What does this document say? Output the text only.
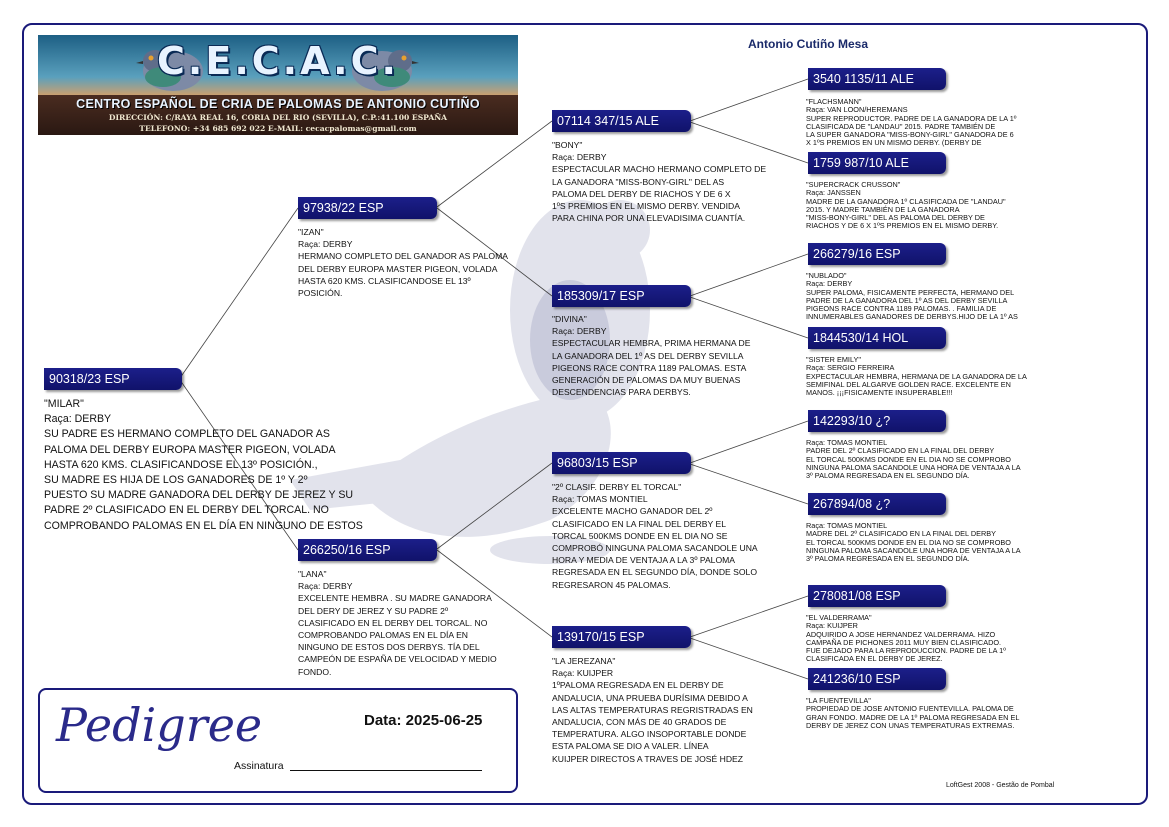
C.E.C.A.C.
CENTRO ESPAÑOL DE CRIA DE PALOMAS DE ANTONIO CUTIÑO
DIRECCIÓN: C/RAYA REAL 16, CORIA DEL RIO (SEVILLA), C.P.:41.100 ESPAÑA
TELEFONO: +34 685 692 022 E-MAIL: cecacpalomas@gmail.com
Antonio Cutiño Mesa
90318/23 ESP
"MILAR"
Raça: DERBY
SU PADRE ES HERMANO COMPLETO DEL GANADOR AS
PALOMA DEL DERBY EUROPA MASTER PIGEON, VOLADA
HASTA 620 KMS. CLASIFICANDOSE EL 13º POSICIÓN.,
SU MADRE ES HIJA DE LOS GANADORES DE 1º Y 2º
PUESTO SU MADRE GANADORA DEL DERBY DE JEREZ Y SU
PADRE 2º CLASIFICADO EN EL DERBY DEL TORCAL. NO
COMPROBANDO PALOMAS EN EL DÍA EN NINGUNO DE ESTOS
97938/22 ESP
"IZAN"
Raça: DERBY
HERMANO COMPLETO DEL GANADOR AS PALOMA
DEL DERBY EUROPA MASTER PIGEON, VOLADA
HASTA 620 KMS. CLASIFICANDOSE EL 13º
POSICIÓN.
266250/16 ESP
"LANA"
Raça: DERBY
EXCELENTE HEMBRA . SU MADRE GANADORA
DEL DERY DE JEREZ Y SU PADRE 2º
CLASIFICADO EN EL DERBY DEL TORCAL. NO
COMPROBANDO PALOMAS EN EL DÍA EN
NINGUNO DE ESTOS DOS DERBYS. TÍA DEL
CAMPEÓN DE ESPAÑA DE VELOCIDAD Y MEDIO
FONDO.
07114 347/15 ALE
"BONY"
Raça: DERBY
ESPECTACULAR MACHO HERMANO COMPLETO DE
LA GANADORA "MISS-BONY-GIRL" DEL AS
PALOMA DEL DERBY DE RIACHOS Y DE 6 X
1ºS PREMIOS EN EL MISMO DERBY. VENDIDA
PARA CHINA POR UNA ELEVADISIMA CUANTÍA.
185309/17 ESP
"DIVINA"
Raça: DERBY
ESPECTACULAR HEMBRA, PRIMA HERMANA DE
LA GANADORA DEL 1º AS DEL DERBY SEVILLA
PIGEONS RACE CONTRA 1189 PALOMAS. ESTA
GENERACIÓN DE PALOMAS DA MUY BUENAS
DESCENDENCIAS PARA DERBYS.
96803/15 ESP
"2º CLASIF. DERBY EL TORCAL"
Raça: TOMAS MONTIEL
EXCELENTE MACHO GANADOR DEL 2º
CLASIFICADO EN LA FINAL DEL DERBY EL
TORCAL 500KMS DONDE EN EL DIA NO SE
COMPROBÓ NINGUNA PALOMA SACANDOLE UNA
HORA Y MEDIA DE VENTAJA A LA 3º PALOMA
REGRESADA EN EL SEGUNDO DÍA, DONDE SOLO
REGRESARON 45 PALOMAS.
139170/15 ESP
"LA JEREZANA"
Raça: KUIJPER
1ºPALOMA REGRESADA EN EL DERBY DE
ANDALUCIA, UNA PRUEBA DURÍSIMA DEBIDO A
LAS ALTAS TEMPERATURAS REGRISTRADAS EN
ANDALUCIA, CON MÁS DE 40 GRADOS DE
TEMPERATURA. ALGO INSOPORTABLE DONDE
ESTA PALOMA SE DIO A VALER. LÍNEA
KUIJPER DIRECTOS A TRAVES DE JOSÉ HDEZ
3540 1135/11 ALE
"FLACHSMANN"
Raça: VAN LOON/HEREMANS
SUPER REPRODUCTOR. PADRE DE LA GANADORA DE LA 1º
CLASIFICADA DE "LANDAU" 2015. PADRE TAMBIÉN DE
LA SUPER GANADORA "MISS-BONY-GIRL" GANADORA DE 6
X 1ºS PREMIOS EN UN MISMO DERBY. (DERBY DE
1759 987/10 ALE
"SUPERCRACK CRUSSON"
Raça: JANSSEN
MADRE DE LA GANADORA 1º CLASIFICADA DE "LANDAU"
2015. Y MADRE TAMBIÉN DE LA GANADORA
"MISS-BONY-GIRL" DEL AS PALOMA DEL DERBY DE
RIACHOS Y DE 6 X 1ºS PREMIOS EN EL MISMO DERBY.
266279/16 ESP
"NUBLADO"
Raça: DERBY
SUPER PALOMA, FISICAMENTE PERFECTA, HERMANO DEL
PADRE DE LA GANADORA DEL 1º AS DEL DERBY SEVILLA
PIGEONS RACE CONTRA 1189 PALOMAS. . FAMILIA DE
INNUMERABLES GANADORES DE DERBYS.HIJO DE LA 1º AS
1844530/14 HOL
"SISTER EMILY"
Raça: SERGIO FERREIRA
EXPECTACULAR HEMBRA, HERMANA DE LA GANADORA DE LA
SEMIFINAL DEL ALGARVE GOLDEN RACE. EXCELENTE EN
MANOS. ¡¡¡FISICAMENTE INSUPERABLE!!!
142293/10 ¿?
Raça: TOMAS MONTIEL
PADRE DEL 2º CLASIFICADO EN LA FINAL DEL DERBY
EL TORCAL 500KMS DONDE EN EL DIA NO SE COMPROBO
NINGUNA PALOMA SACANDOLE UNA HORA DE VENTAJA A LA
3º PALOMA REGRESADA EN EL SEGUNDO DÍA.
267894/08 ¿?
Raça: TOMAS MONTIEL
MADRE DEL 2º CLASIFICADO EN LA FINAL DEL DERBY
EL TORCAL 500KMS DONDE EN EL DIA NO SE COMPROBO
NINGUNA PALOMA SACANDOLE UNA HORA DE VENTAJA A LA
3º PALOMA REGRESADA EN EL SEGUNDO DÍA.
278081/08 ESP
"EL VALDERRAMA"
Raça: KUIJPER
ADQUIRIDO A JOSE HERNANDEZ VALDERRAMA. HIZO
CAMPAÑA DE PICHONES 2011 MUY BIEN CLASIFICADO.
FUE DEJADO PARA LA REPRODUCCION. PADRE DE LA 1º
CLASIFICADA EN EL DERBY DE JEREZ.
241236/10 ESP
"LA FUENTEVILLA"
PROPIEDAD DE JOSE ANTONIO FUENTEVILLA. PALOMA DE
GRAN FONDO. MADRE DE LA 1º PALOMA REGRESADA EN EL
DERBY DE JEREZ CON UNAS TEMPERATURAS EXTREMAS.
Pedigree	Data: 2025-06-25
Assinatura
LoftGest 2008 - Gestão de Pombal
